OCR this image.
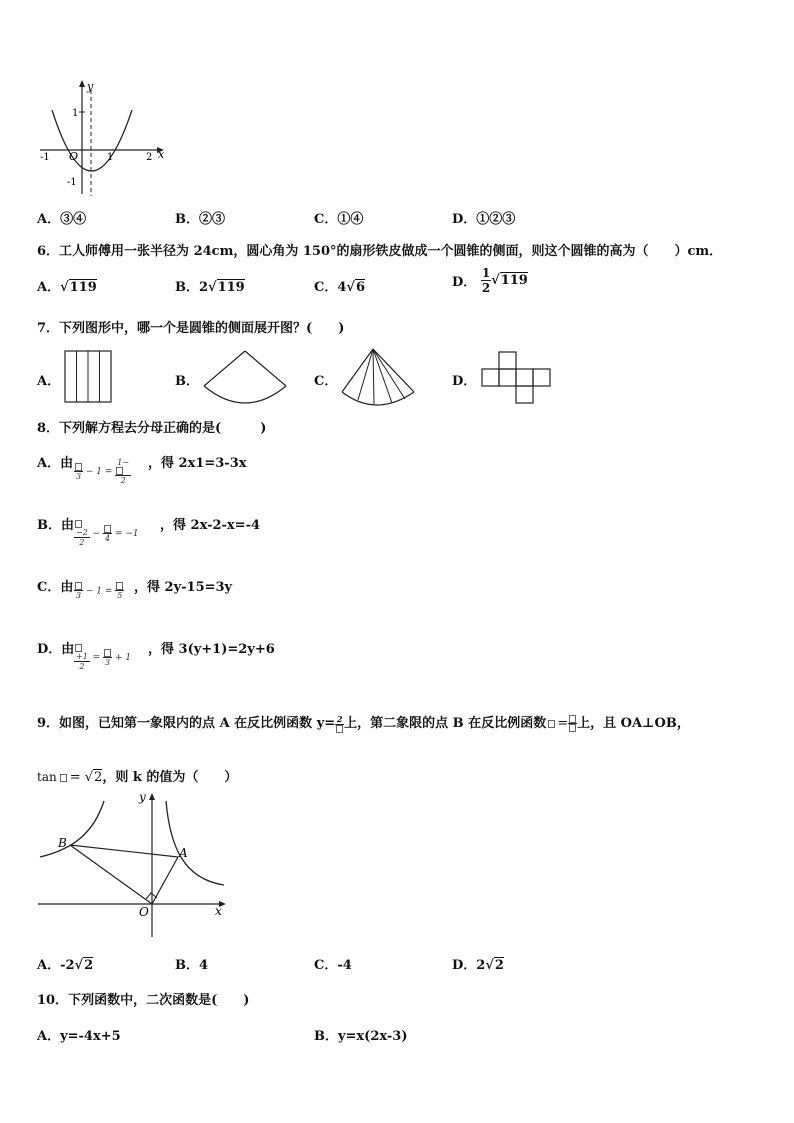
y
x
O
1
-1
-1	1	2
A．③④	B．②③	C．①④	D．①②③
6．工人师傅用一张半径为 24cm，圆心角为 150°的扇形铁皮做成一个圆锥的侧面，则这个圆锥的高为（　　）cm．
A．√119	B．2√119	C．4√6	D． $\frac{1}{2} √119$
7．下列图形中，哪一个是圆锥的侧面展开图？(　　)
A．	B．	C．	D．
8．下列解方程去分母正确的是(　　　)
A．由
$3 - 1 = \frac{1-}{2}$ ，得 2x1=3-3x
B．由 $\frac{-2}{2} - 4 = -1$
，得 2x-2-x=-4
C．由
3 − 1 = 5
，得 2y-15=3y
D．由 $\frac{+1}{2} = 3 + 1$
，得 3(y+1)=2y+6
9．如图，已知第一象限内的点 A 在反比例函数 y= 2 上，第二象限的点 B 在反比例函数 = 上，且 OA⊥OB，
tan = √2，则 k 的值为（　　）
y
x
O
A
B
A．-2√2	B．4	C．-4	D．2√2
10．下列函数中，二次函数是(　　)
A．y=-4x+5	B．y=x(2x-3)
